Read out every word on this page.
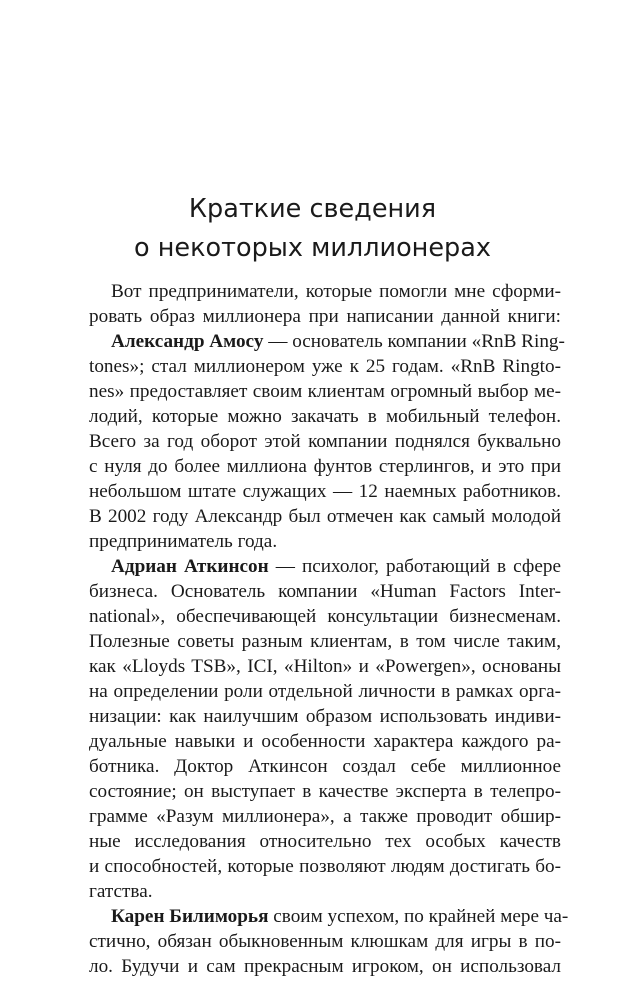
Краткие сведения
о некоторых миллионерах
Вот предприниматели, которые помогли мне сформи-
ровать образ миллионера при написании данной книги:
Александр Амосу — основатель компании «RnB Ring-
tones»; стал миллионером уже к 25 годам. «RnB Ringto-
nes» предоставляет своим клиентам огромный выбор ме-
лодий, которые можно закачать в мобильный телефон.
Всего за год оборот этой компании поднялся буквально
с нуля до более миллиона фунтов стерлингов, и это при
небольшом штате служащих — 12 наемных работников.
В 2002 году Александр был отмечен как самый молодой
предприниматель года.
Адриан Аткинсон — психолог, работающий в сфере
бизнеса. Основатель компании «Human Factors Inter-
national», обеспечивающей консультации бизнесменам.
Полезные советы разным клиентам, в том числе таким,
как «Lloyds TSB», ICI, «Hilton» и «Powergen», основаны
на определении роли отдельной личности в рамках орга-
низации: как наилучшим образом использовать индиви-
дуальные навыки и особенности характера каждого ра-
ботника. Доктор Аткинсон создал себе миллионное
состояние; он выступает в качестве эксперта в телепро-
грамме «Разум миллионера», а также проводит обшир-
ные исследования относительно тех особых качеств
и способностей, которые позволяют людям достигать бо-
гатства.
Карен Билиморья своим успехом, по крайней мере ча-
стично, обязан обыкновенным клюшкам для игры в по-
ло. Будучи и сам прекрасным игроком, он использовал
